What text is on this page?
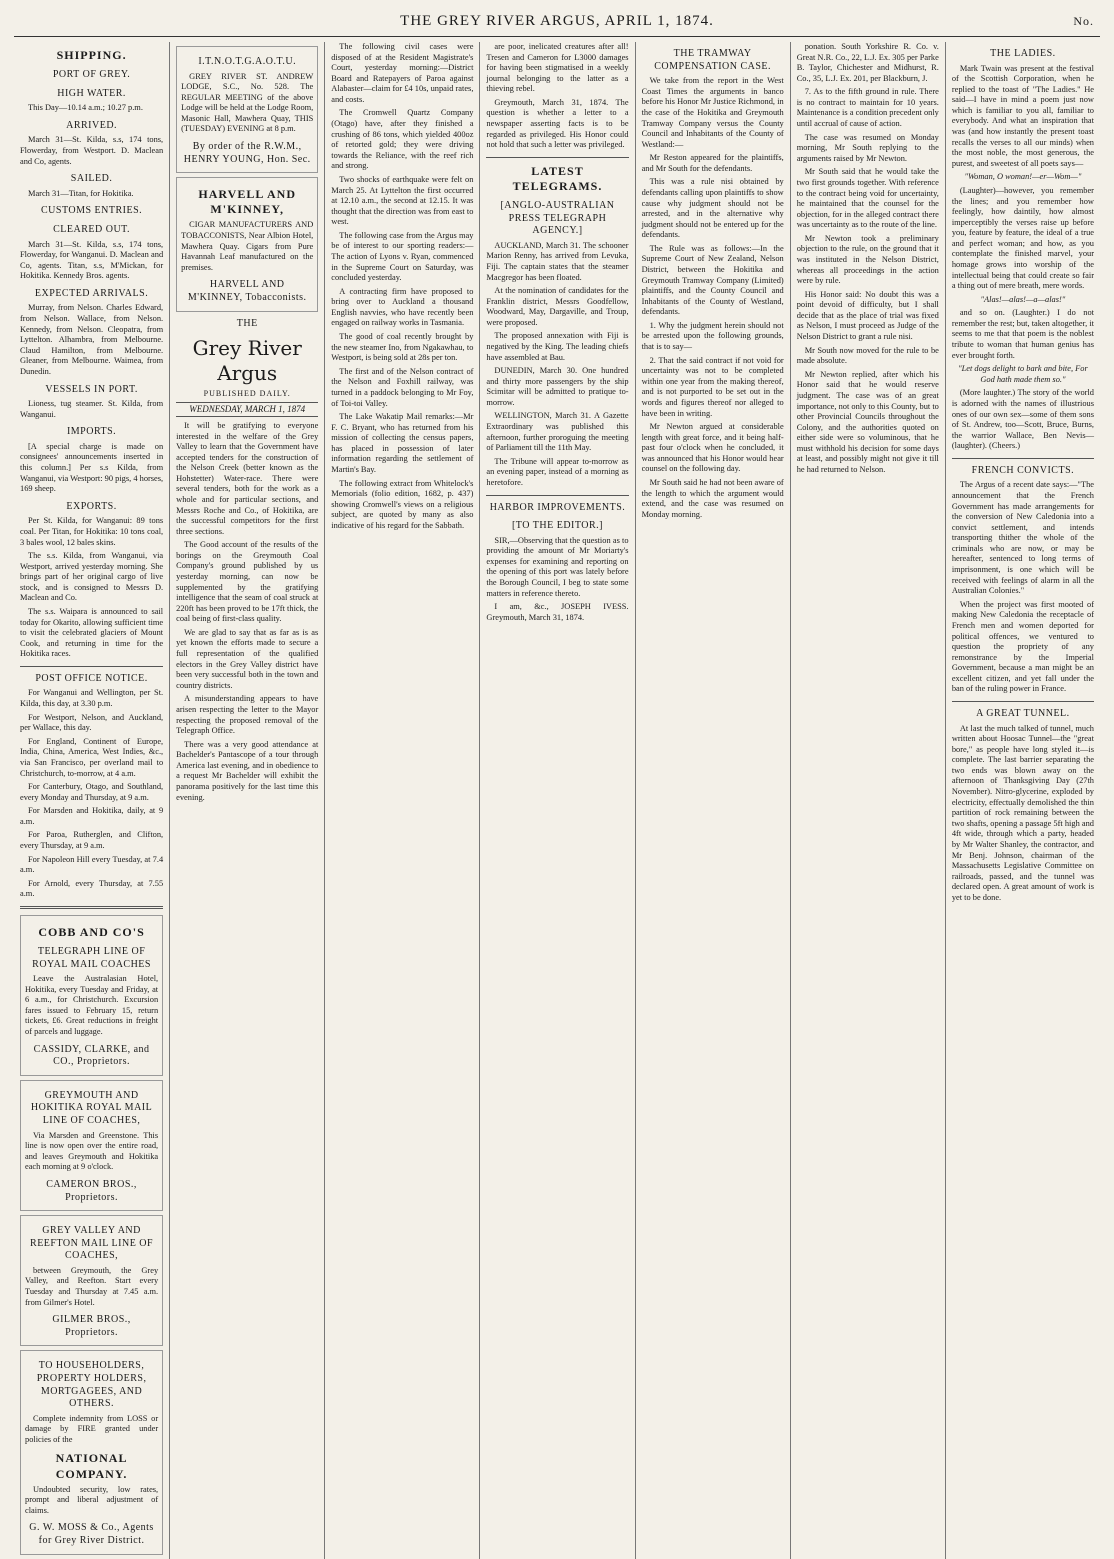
THE GREY RIVER ARGUS, APRIL 1, 1874.	No.
SHIPPING.
PORT OF GREY.
HIGH WATER.

This Day—10.14 a.m.; 10.27 p.m.

ARRIVED.

March 31—St. Kilda, s.s, 174 tons, Flowerday, from Westport. D. Maclean and Co, agents.

SAILED.

March 31—Titan, for Hokitika.

CUSTOMS ENTRIES.
CLEARED OUT.

March 31—St. Kilda, s.s, 174 tons, Flowerday, for Wanganui. D. Maclean and Co, agents. Titan, s.s, M'Mickan, for Hokitika. Kennedy Bros. agents.

EXPECTED ARRIVALS.

Murray, from Nelson. Charles Edward, from Nelson. Wallace, from Nelson. Kennedy, from Nelson. Cleopatra, from Lyttelton. Alhambra, from Melbourne. Claud Hamilton, from Melbourne. Gleaner, from Melbourne. Waimea, from Dunedin.

VESSELS IN PORT.

Lioness, tug steamer. St. Kilda, from Wanganui.

IMPORTS.

[A special charge is made on consignees' announcements inserted in this column.] Per s.s Kilda, from Wanganui, via Westport: 90 pigs, 4 horses, 169 sheep.

EXPORTS.

Per St. Kilda, for Wanganui: 89 tons coal. Per Titan, for Hokitika: 10 tons coal, 3 bales wool, 12 bales skins.

The s.s. Kilda, from Wanganui, via Westport, arrived yesterday morning. She brings part of her original cargo of live stock, and is consigned to Messrs D. Maclean and Co.

The s.s. Waipara is announced to sail today for Okarito, allowing sufficient time to visit the celebrated glaciers of Mount Cook, and returning in time for the Hokitika races.

POST OFFICE NOTICE.

For Wanganui and Wellington, per St. Kilda, this day, at 3.30 p.m.

For Westport, Nelson, and Auckland, per Wallace, this day.

For England, Continent of Europe, India, China, America, West Indies, &c., via San Francisco, per overland mail to Christchurch, to-morrow, at 4 a.m.

For Canterbury, Otago, and Southland, every Monday and Thursday, at 9 a.m.

For Marsden and Hokitika, daily, at 9 a.m.

For Paroa, Rutherglen, and Clifton, every Thursday, at 9 a.m.

For Napoleon Hill every Tuesday, at 7.4 a.m.

For Arnold, every Thursday, at 7.55 a.m.

COBB AND CO'S
TELEGRAPH LINE OF ROYAL MAIL COACHES

Leave the Australasian Hotel, Hokitika, every Tuesday and Friday, at 6 a.m., for Christchurch. Excursion fares issued to February 15, return tickets, £6. Great reductions in freight of parcels and luggage.

CASSIDY, CLARKE, and CO., Proprietors.
GREYMOUTH AND HOKITIKA ROYAL MAIL LINE OF COACHES,

Via Marsden and Greenstone. This line is now open over the entire road, and leaves Greymouth and Hokitika each morning at 9 o'clock.

CAMERON BROS., Proprietors.
GREY VALLEY AND REEFTON MAIL LINE OF COACHES,

between Greymouth, the Grey Valley, and Reefton. Start every Tuesday and Thursday at 7.45 a.m. from Gilmer's Hotel.

GILMER BROS., Proprietors.
TO HOUSEHOLDERS, PROPERTY HOLDERS, MORTGAGEES, AND OTHERS.

Complete indemnity from LOSS or damage by FIRE granted under policies of the

NATIONAL COMPANY.

Undoubted security, low rates, prompt and liberal adjustment of claims.

G. W. MOSS & Co., Agents for Grey River District.
I.T.N.O.T.G.A.O.T.U.

GREY RIVER ST. ANDREW LODGE, S.C., No. 528. The REGULAR MEETING of the above Lodge will be held at the Lodge Room, Masonic Hall, Mawhera Quay, THIS (TUESDAY) EVENING at 8 p.m.

By order of the R.W.M., HENRY YOUNG, Hon. Sec.
HARVELL AND M'KINNEY,

CIGAR MANUFACTURERS AND TOBACCONISTS, Near Albion Hotel, Mawhera Quay. Cigars from Pure Havannah Leaf manufactured on the premises.

HARVELL AND M'KINNEY, Tobacconists.
THE
Grey River Argus
PUBLISHED DAILY.
WEDNESDAY, MARCH 1, 1874

It will be gratifying to everyone interested in the welfare of the Grey Valley to learn that the Government have accepted tenders for the construction of the Nelson Creek (better known as the Hohstetter) Water-race. There were several tenders, both for the work as a whole and for particular sections, and Messrs Roche and Co., of Hokitika, are the successful competitors for the first three sections.

The Good account of the results of the borings on the Greymouth Coal Company's ground published by us yesterday morning, can now be supplemented by the gratifying intelligence that the seam of coal struck at 220ft has been proved to be 17ft thick, the coal being of first-class quality.

We are glad to say that as far as is as yet known the efforts made to secure a full representation of the qualified electors in the Grey Valley district have been very successful both in the town and country districts.

A misunderstanding appears to have arisen respecting the letter to the Mayor respecting the proposed removal of the Telegraph Office.

There was a very good attendance at Bachelder's Pantascope of a tour through America last evening, and in obedience to a request Mr Bachelder will exhibit the panorama positively for the last time this evening.

The following civil cases were disposed of at the Resident Magistrate's Court, yesterday morning:—District Board and Ratepayers of Paroa against Alabaster—claim for £4 10s, unpaid rates, and costs.

The Cromwell Quartz Company (Otago) have, after they finished a crushing of 86 tons, which yielded 400oz of retorted gold; they were driving towards the Reliance, with the reef rich and strong.

Two shocks of earthquake were felt on March 25. At Lyttelton the first occurred at 12.10 a.m., the second at 12.15. It was thought that the direction was from east to west.

The following case from the Argus may be of interest to our sporting readers:—The action of Lyons v. Ryan, commenced in the Supreme Court on Saturday, was concluded yesterday.

A contracting firm have proposed to bring over to Auckland a thousand English navvies, who have recently been engaged on railway works in Tasmania.

The good of coal recently brought by the new steamer Ino, from Ngakawhau, to Westport, is being sold at 28s per ton.

The first and of the Nelson contract of the Nelson and Foxhill railway, was turned in a paddock belonging to Mr Foy, of Toi-toi Valley.

The Lake Wakatip Mail remarks:—Mr F. C. Bryant, who has returned from his mission of collecting the census papers, has placed in possession of later information regarding the settlement of Martin's Bay.

The following extract from Whitelock's Memorials (folio edition, 1682, p. 437) showing Cromwell's views on a religious subject, are quoted by many as also indicative of his regard for the Sabbath.

are poor, inelicated creatures after all! Tresen and Cameron for L3000 damages for having been stigmatised in a weekly journal belonging to the latter as a thieving rebel.

Greymouth, March 31, 1874. The question is whether a letter to a newspaper asserting facts is to be regarded as privileged. His Honor could not hold that such a letter was privileged.

LATEST TELEGRAMS.
[ANGLO-AUSTRALIAN PRESS TELEGRAPH AGENCY.]

AUCKLAND, March 31. The schooner Marion Renny, has arrived from Levuka, Fiji. The captain states that the steamer Macgregor has been floated.

At the nomination of candidates for the Franklin district, Messrs Goodfellow, Woodward, May, Dargaville, and Troup, were proposed.

The proposed annexation with Fiji is negatived by the King. The leading chiefs have assembled at Bau.

DUNEDIN, March 30. One hundred and thirty more passengers by the ship Scimitar will be admitted to pratique to-morrow.

WELLINGTON, March 31. A Gazette Extraordinary was published this afternoon, further proroguing the meeting of Parliament till the 11th May.

The Tribune will appear to-morrow as an evening paper, instead of a morning as heretofore.

HARBOR IMPROVEMENTS.
[TO THE EDITOR.]

SIR,—Observing that the question as to providing the amount of Mr Moriarty's expenses for examining and reporting on the opening of this port was lately before the Borough Council, I beg to state some matters in reference thereto.

I am, &c., JOSEPH IVESS. Greymouth, March 31, 1874.

THE TRAMWAY COMPENSATION CASE.

We take from the report in the West Coast Times the arguments in banco before his Honor Mr Justice Richmond, in the case of the Hokitika and Greymouth Tramway Company versus the County Council and Inhabitants of the County of Westland:—

Mr Reston appeared for the plaintiffs, and Mr South for the defendants.

This was a rule nisi obtained by defendants calling upon plaintiffs to show cause why judgment should not be arrested, and in the alternative why judgment should not be entered up for the defendants.

The Rule was as follows:—In the Supreme Court of New Zealand, Nelson District, between the Hokitika and Greymouth Tramway Company (Limited) plaintiffs, and the County Council and Inhabitants of the County of Westland, defendants.

1. Why the judgment herein should not be arrested upon the following grounds, that is to say—

2. That the said contract if not void for uncertainty was not to be completed within one year from the making thereof, and is not purported to be set out in the words and figures thereof nor alleged to have been in writing.

Mr Newton argued at considerable length with great force, and it being half-past four o'clock when he concluded, it was announced that his Honor would hear counsel on the following day.

Mr South said he had not been aware of the length to which the argument would extend, and the case was resumed on Monday morning.

ponation. South Yorkshire R. Co. v. Great N.R. Co., 22, L.J. Ex. 305 per Parke B. Taylor, Chichester and Midhurst, R. Co., 35, L.J. Ex. 201, per Blackburn, J.

7. As to the fifth ground in rule. There is no contract to maintain for 10 years. Maintenance is a condition precedent only until accrual of cause of action.

The case was resumed on Monday morning, Mr South replying to the arguments raised by Mr Newton.

Mr South said that he would take the two first grounds together. With reference to the contract being void for uncertainty, he maintained that the counsel for the objection, for in the alleged contract there was uncertainty as to the route of the line.

Mr Newton took a preliminary objection to the rule, on the ground that it was instituted in the Nelson District, whereas all proceedings in the action were by rule.

His Honor said: No doubt this was a point devoid of difficulty, but I shall decide that as the place of trial was fixed as Nelson, I must proceed as Judge of the Nelson District to grant a rule nisi.

Mr South now moved for the rule to be made absolute.

Mr Newton replied, after which his Honor said that he would reserve judgment. The case was of an great importance, not only to this County, but to other Provincial Councils throughout the Colony, and the authorities quoted on either side were so voluminous, that he must withhold his decision for some days at least, and possibly might not give it till he had returned to Nelson.

THE LADIES.

Mark Twain was present at the festival of the Scottish Corporation, when he replied to the toast of "The Ladies." He said—I have in mind a poem just now which is familiar to you all, familiar to everybody. And what an inspiration that was (and how instantly the present toast recalls the verses to all our minds) when the most noble, the most generous, the purest, and sweetest of all poets says—

"Woman, O woman!—er—Wom—"

(Laughter)—however, you remember the lines; and you remember how feelingly, how daintily, how almost imperceptibly the verses raise up before you, feature by feature, the ideal of a true and perfect woman; and how, as you contemplate the finished marvel, your homage grows into worship of the intellectual being that could create so fair a thing out of mere breath, mere words.

"Alas!—alas!—a—alas!"

and so on. (Laughter.) I do not remember the rest; but, taken altogether, it seems to me that that poem is the noblest tribute to woman that human genius has ever brought forth.

"Let dogs delight to bark and bite, For God hath made them so."

(More laughter.) The story of the world is adorned with the names of illustrious ones of our own sex—some of them sons of St. Andrew, too—Scott, Bruce, Burns, the warrior Wallace, Ben Nevis—(laughter). (Cheers.)

FRENCH CONVICTS.

The Argus of a recent date says:—"The announcement that the French Government has made arrangements for the conversion of New Caledonia into a convict settlement, and intends transporting thither the whole of the criminals who are now, or may be hereafter, sentenced to long terms of imprisonment, is one which will be received with feelings of alarm in all the Australian Colonies."

When the project was first mooted of making New Caledonia the receptacle of French men and women deported for political offences, we ventured to question the propriety of any remonstrance by the Imperial Government, because a man might be an excellent citizen, and yet fall under the ban of the ruling power in France.

A GREAT TUNNEL.

At last the much talked of tunnel, much written about Hoosac Tunnel—the "great bore," as people have long styled it—is complete. The last barrier separating the two ends was blown away on the afternoon of Thanksgiving Day (27th November). Nitro-glycerine, exploded by electricity, effectually demolished the thin partition of rock remaining between the two shafts, opening a passage 5ft high and 4ft wide, through which a party, headed by Mr Walter Shanley, the contractor, and Mr Benj. Johnson, chairman of the Massachusetts Legislative Committee on railroads, passed, and the tunnel was declared open. A great amount of work is yet to be done.
